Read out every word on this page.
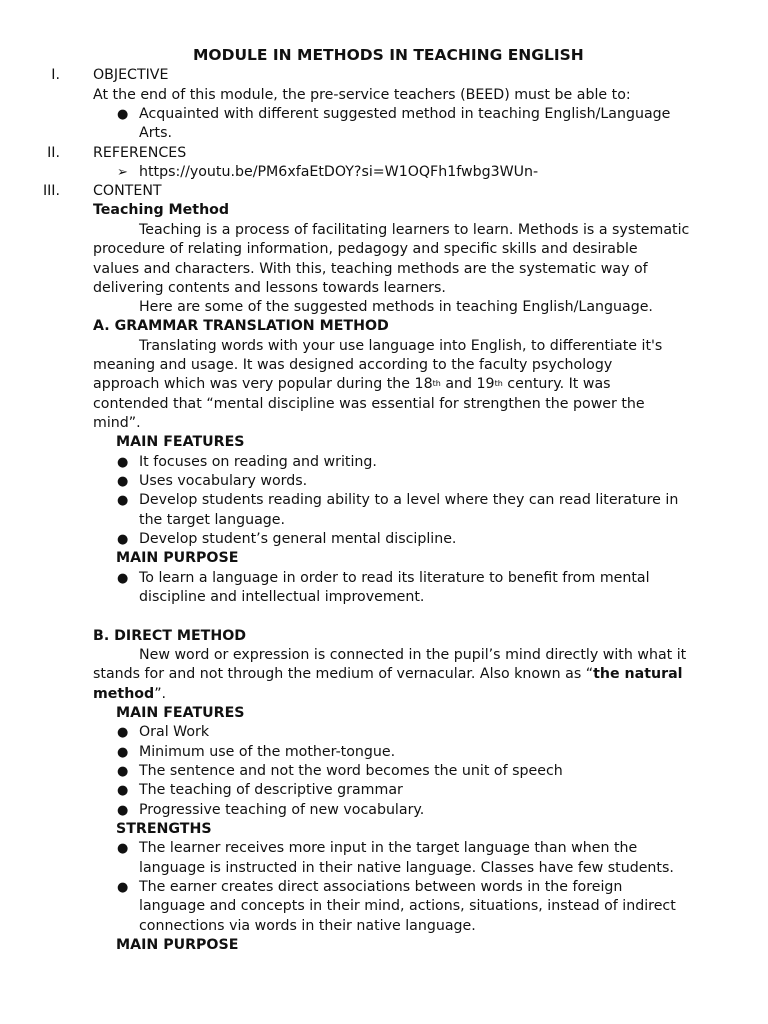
MODULE IN METHODS IN TEACHING ENGLISH
I. OBJECTIVE
At the end of this module, the pre-service teachers (BEED) must be able to:
● Acquainted with different suggested method in teaching English/Language
Arts.
II. REFERENCES
➢ https://youtu.be/PM6xfaEtDOY?si=W1OQFh1fwbg3WUn-
III. CONTENT
Teaching Method
Teaching is a process of facilitating learners to learn. Methods is a systematic
procedure of relating information, pedagogy and specific skills and desirable
values and characters. With this, teaching methods are the systematic way of
delivering contents and lessons towards learners.
Here are some of the suggested methods in teaching English/Language.
A. GRAMMAR TRANSLATION METHOD
Translating words with your use language into English, to differentiate it's
meaning and usage. It was designed according to the faculty psychology
approach which was very popular during the 18th and 19th century. It was
contended that “mental discipline was essential for strengthen the power the
mind”.
MAIN FEATURES
● It focuses on reading and writing.
● Uses vocabulary words.
● Develop students reading ability to a level where they can read literature in
the target language.
● Develop student’s general mental discipline.
MAIN PURPOSE
● To learn a language in order to read its literature to benefit from mental
discipline and intellectual improvement.
B. DIRECT METHOD
New word or expression is connected in the pupil’s mind directly with what it
stands for and not through the medium of vernacular. Also known as “the natural
method”.
MAIN FEATURES
● Oral Work
● Minimum use of the mother-tongue.
● The sentence and not the word becomes the unit of speech
● The teaching of descriptive grammar
● Progressive teaching of new vocabulary.
STRENGTHS
● The learner receives more input in the target language than when the
language is instructed in their native language. Classes have few students.
● The earner creates direct associations between words in the foreign
language and concepts in their mind, actions, situations, instead of indirect
connections via words in their native language.
MAIN PURPOSE
